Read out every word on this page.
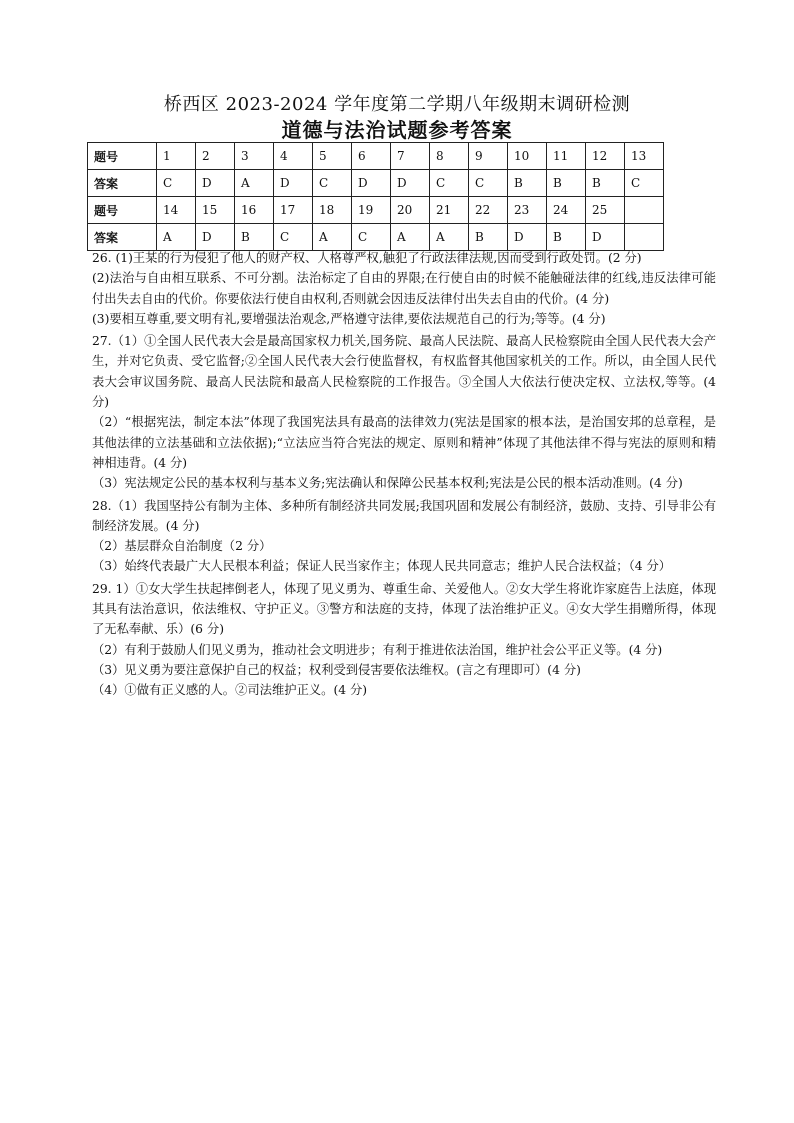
桥西区 2023-2024 学年度第二学期八年级期末调研检测
道德与法治试题参考答案
题号	1	2	3	4	5	6	7	8	9	10	11	12	13
答案	C	D	A	D	C	D	D	C	C	B	B	B	C
题号	14	15	16	17	18	19	20	21	22	23	24	25	
答案	A	D	B	C	A	C	A	A	B	D	B	D	

26. (1)王某的行为侵犯了他人的财产权、人格尊严权,触犯了行政法律法规,因而受到行政处罚。(2 分)

(2)法治与自由相互联系、不可分割。法治标定了自由的界限;在行使自由的时候不能触碰法律的红线,违反法律可能付出失去自由的代价。你要依法行使自由权利,否则就会因违反法律付出失去自由的代价。(4 分)

(3)要相互尊重,要文明有礼,要增强法治观念,严格遵守法律,要依法规范自己的行为;等等。(4 分)

27.（1）①全国人民代表大会是最高国家权力机关,国务院、最高人民法院、最高人民检察院由全国人民代表大会产生，并对它负责、受它监督;②全国人民代表大会行使监督权，有权监督其他国家机关的工作。所以，由全国人民代表大会审议国务院、最高人民法院和最高人民检察院的工作报告。③全国人大依法行使决定权、立法权,等等。(4 分)

（2）“根据宪法，制定本法”体现了我国宪法具有最高的法律效力(宪法是国家的根本法，是治国安邦的总章程，是其他法律的立法基础和立法依据);“立法应当符合宪法的规定、原则和精神”体现了其他法律不得与宪法的原则和精神相违背。(4 分)

（3）宪法规定公民的基本权利与基本义务;宪法确认和保障公民基本权利;宪法是公民的根本活动准则。(4 分)

28.（1）我国坚持公有制为主体、多种所有制经济共同发展;我国巩固和发展公有制经济，鼓励、支持、引导非公有制经济发展。(4 分)

（2）基层群众自治制度（2 分）

（3）始终代表最广大人民根本利益；保证人民当家作主；体现人民共同意志；维护人民合法权益；（4 分）

29. 1）①女大学生扶起摔倒老人，体现了见义勇为、尊重生命、关爱他人。②女大学生将讹诈家庭告上法庭，体现其具有法治意识，依法维权、守护正义。③警方和法庭的支持，体现了法治维护正义。④女大学生捐赠所得，体现了无私奉献、乐）(6 分)

（2）有利于鼓励人们见义勇为，推动社会文明进步；有利于推进依法治国，维护社会公平正义等。(4 分)

（3）见义勇为要注意保护自己的权益；权利受到侵害要依法维权。(言之有理即可）(4 分)

（4）①做有正义感的人。②司法维护正义。(4 分)
